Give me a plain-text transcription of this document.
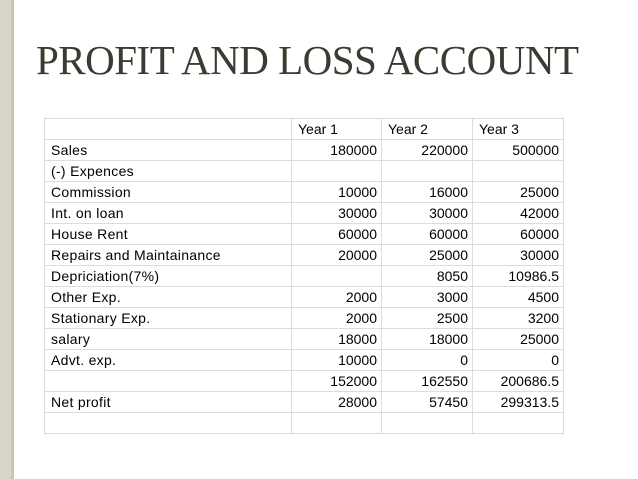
PROFIT AND LOSS ACCOUNT
	Year 1	Year 2	Year 3
Sales	180000	220000	500000
(-) Expences			
Commission	10000	16000	25000
Int. on loan	30000	30000	42000
House Rent	60000	60000	60000
Repairs and Maintainance	20000	25000	30000
Depriciation(7%)		8050	10986.5
Other Exp.	2000	3000	4500
Stationary Exp.	2000	2500	3200
salary	18000	18000	25000
Advt. exp.	10000	0	0
	152000	162550	200686.5
Net profit	28000	57450	299313.5
